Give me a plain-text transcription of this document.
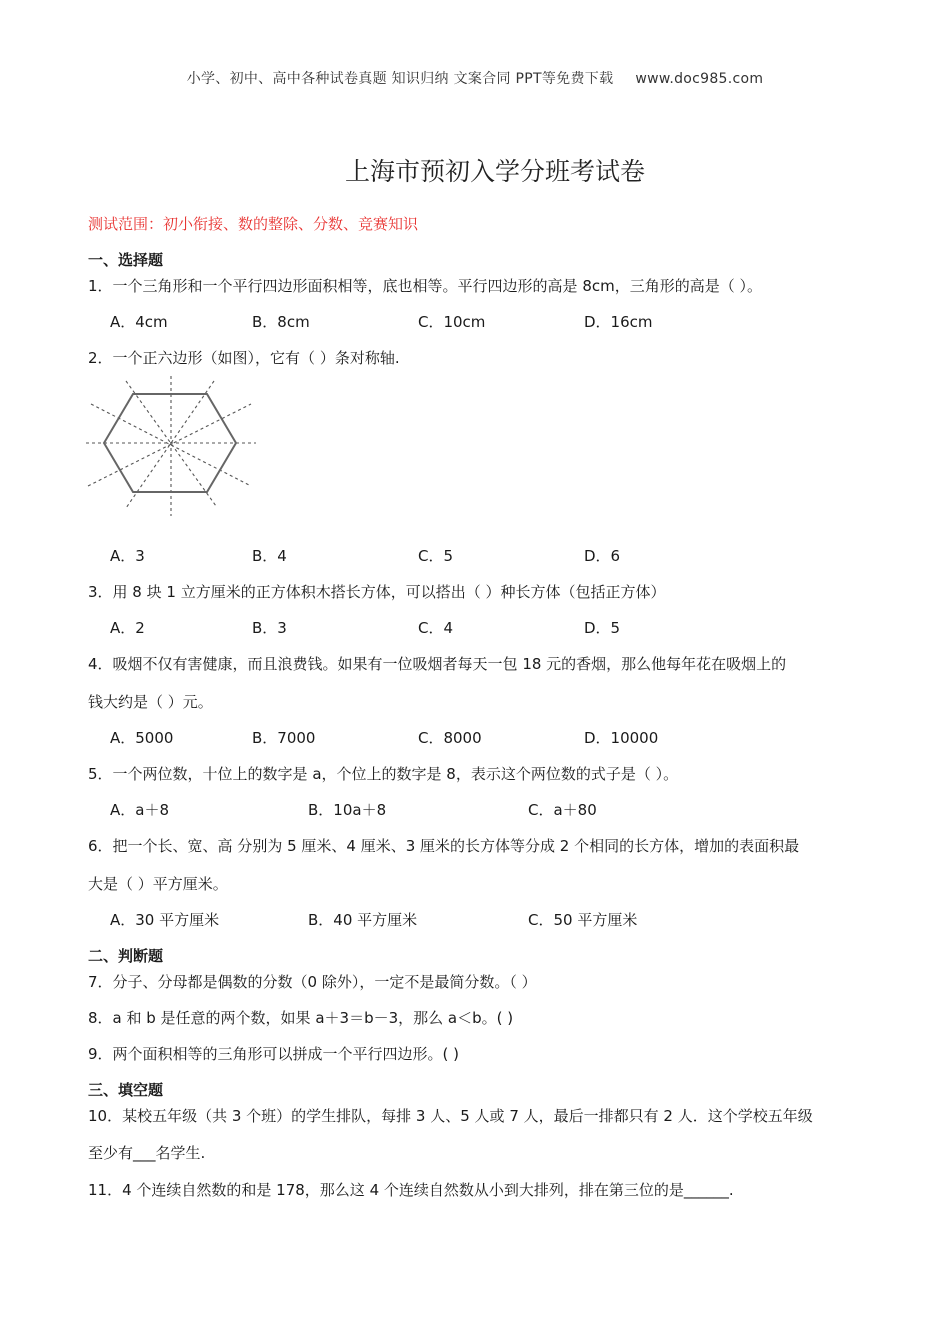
小学、初中、高中各种试卷真题 知识归纳 文案合同 PPT等免费下载 www.doc985.com
上海市预初入学分班考试卷
测试范围：初小衔接、数的整除、分数、竞赛知识
一、选择题
1．一个三角形和一个平行四边形面积相等，底也相等。平行四边形的高是 8cm，三角形的高是（ ）。
A．4cm	B．8cm	C．10cm	D．16cm
2．一个正六边形（如图），它有（ ）条对称轴.
A．3	B．4	C．5	D．6
3．用 8 块 1 立方厘米的正方体积木搭长方体，可以搭出（ ）种长方体（包括正方体）
A．2	B．3	C．4	D．5
4．吸烟不仅有害健康，而且浪费钱。如果有一位吸烟者每天一包 18 元的香烟，那么他每年花在吸烟上的
钱大约是（ ）元。
A．5000	B．7000	C．8000	D．10000
5．一个两位数，十位上的数字是 a，个位上的数字是 8，表示这个两位数的式子是（ ）。
A．a＋8	B．10a＋8	C．a＋80
6．把一个长、宽、高 分别为 5 厘米、4 厘米、3 厘米的长方体等分成 2 个相同的长方体，增加的表面积最
大是（ ）平方厘米。
A．30 平方厘米	B．40 平方厘米	C．50 平方厘米
二、判断题
7．分子、分母都是偶数的分数（0 除外），一定不是最简分数。（ ）
8．a 和 b 是任意的两个数，如果 a＋3＝b－3，那么 a＜b。( )
9．两个面积相等的三角形可以拼成一个平行四边形。( )
三、填空题
10．某校五年级（共 3 个班）的学生排队，每排 3 人、5 人或 7 人，最后一排都只有 2 人．这个学校五年级
至少有___名学生.
11．4 个连续自然数的和是 178，那么这 4 个连续自然数从小到大排列，排在第三位的是______.
